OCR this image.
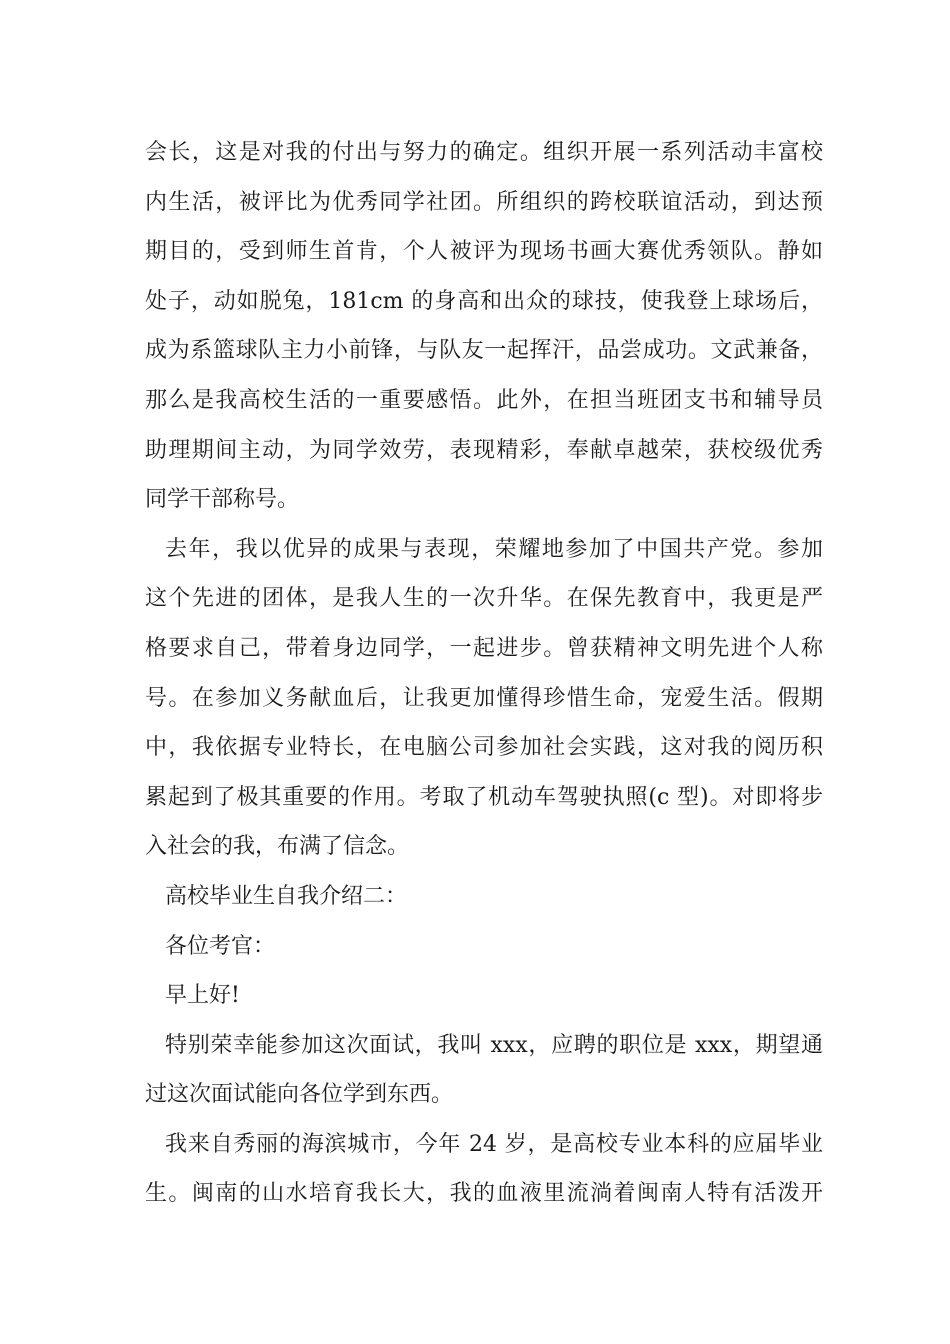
会长，这是对我的付出与努力的确定。组织开展一系列活动丰富校
内生活，被评比为优秀同学社团。所组织的跨校联谊活动，到达预
期目的，受到师生首肯，个人被评为现场书画大赛优秀领队。静如
处子，动如脱兔，181cm 的身高和出众的球技，使我登上球场后，
成为系篮球队主力小前锋，与队友一起挥汗，品尝成功。文武兼备，
那么是我高校生活的一重要感悟。此外，在担当班团支书和辅导员
助理期间主动，为同学效劳，表现精彩，奉献卓越荣，获校级优秀
同学干部称号。
去年，我以优异的成果与表现，荣耀地参加了中国共产党。参加
这个先进的团体，是我人生的一次升华。在保先教育中，我更是严
格要求自己，带着身边同学，一起进步。曾获精神文明先进个人称
号。在参加义务献血后，让我更加懂得珍惜生命，宠爱生活。假期
中，我依据专业特长，在电脑公司参加社会实践，这对我的阅历积
累起到了极其重要的作用。考取了机动车驾驶执照(c 型)。对即将步
入社会的我，布满了信念。
高校毕业生自我介绍二：
各位考官：
早上好!
特别荣幸能参加这次面试，我叫 xxx，应聘的职位是 xxx，期望通
过这次面试能向各位学到东西。
我来自秀丽的海滨城市，今年 24 岁，是高校专业本科的应届毕业
生。闽南的山水培育我长大，我的血液里流淌着闽南人特有活泼开
